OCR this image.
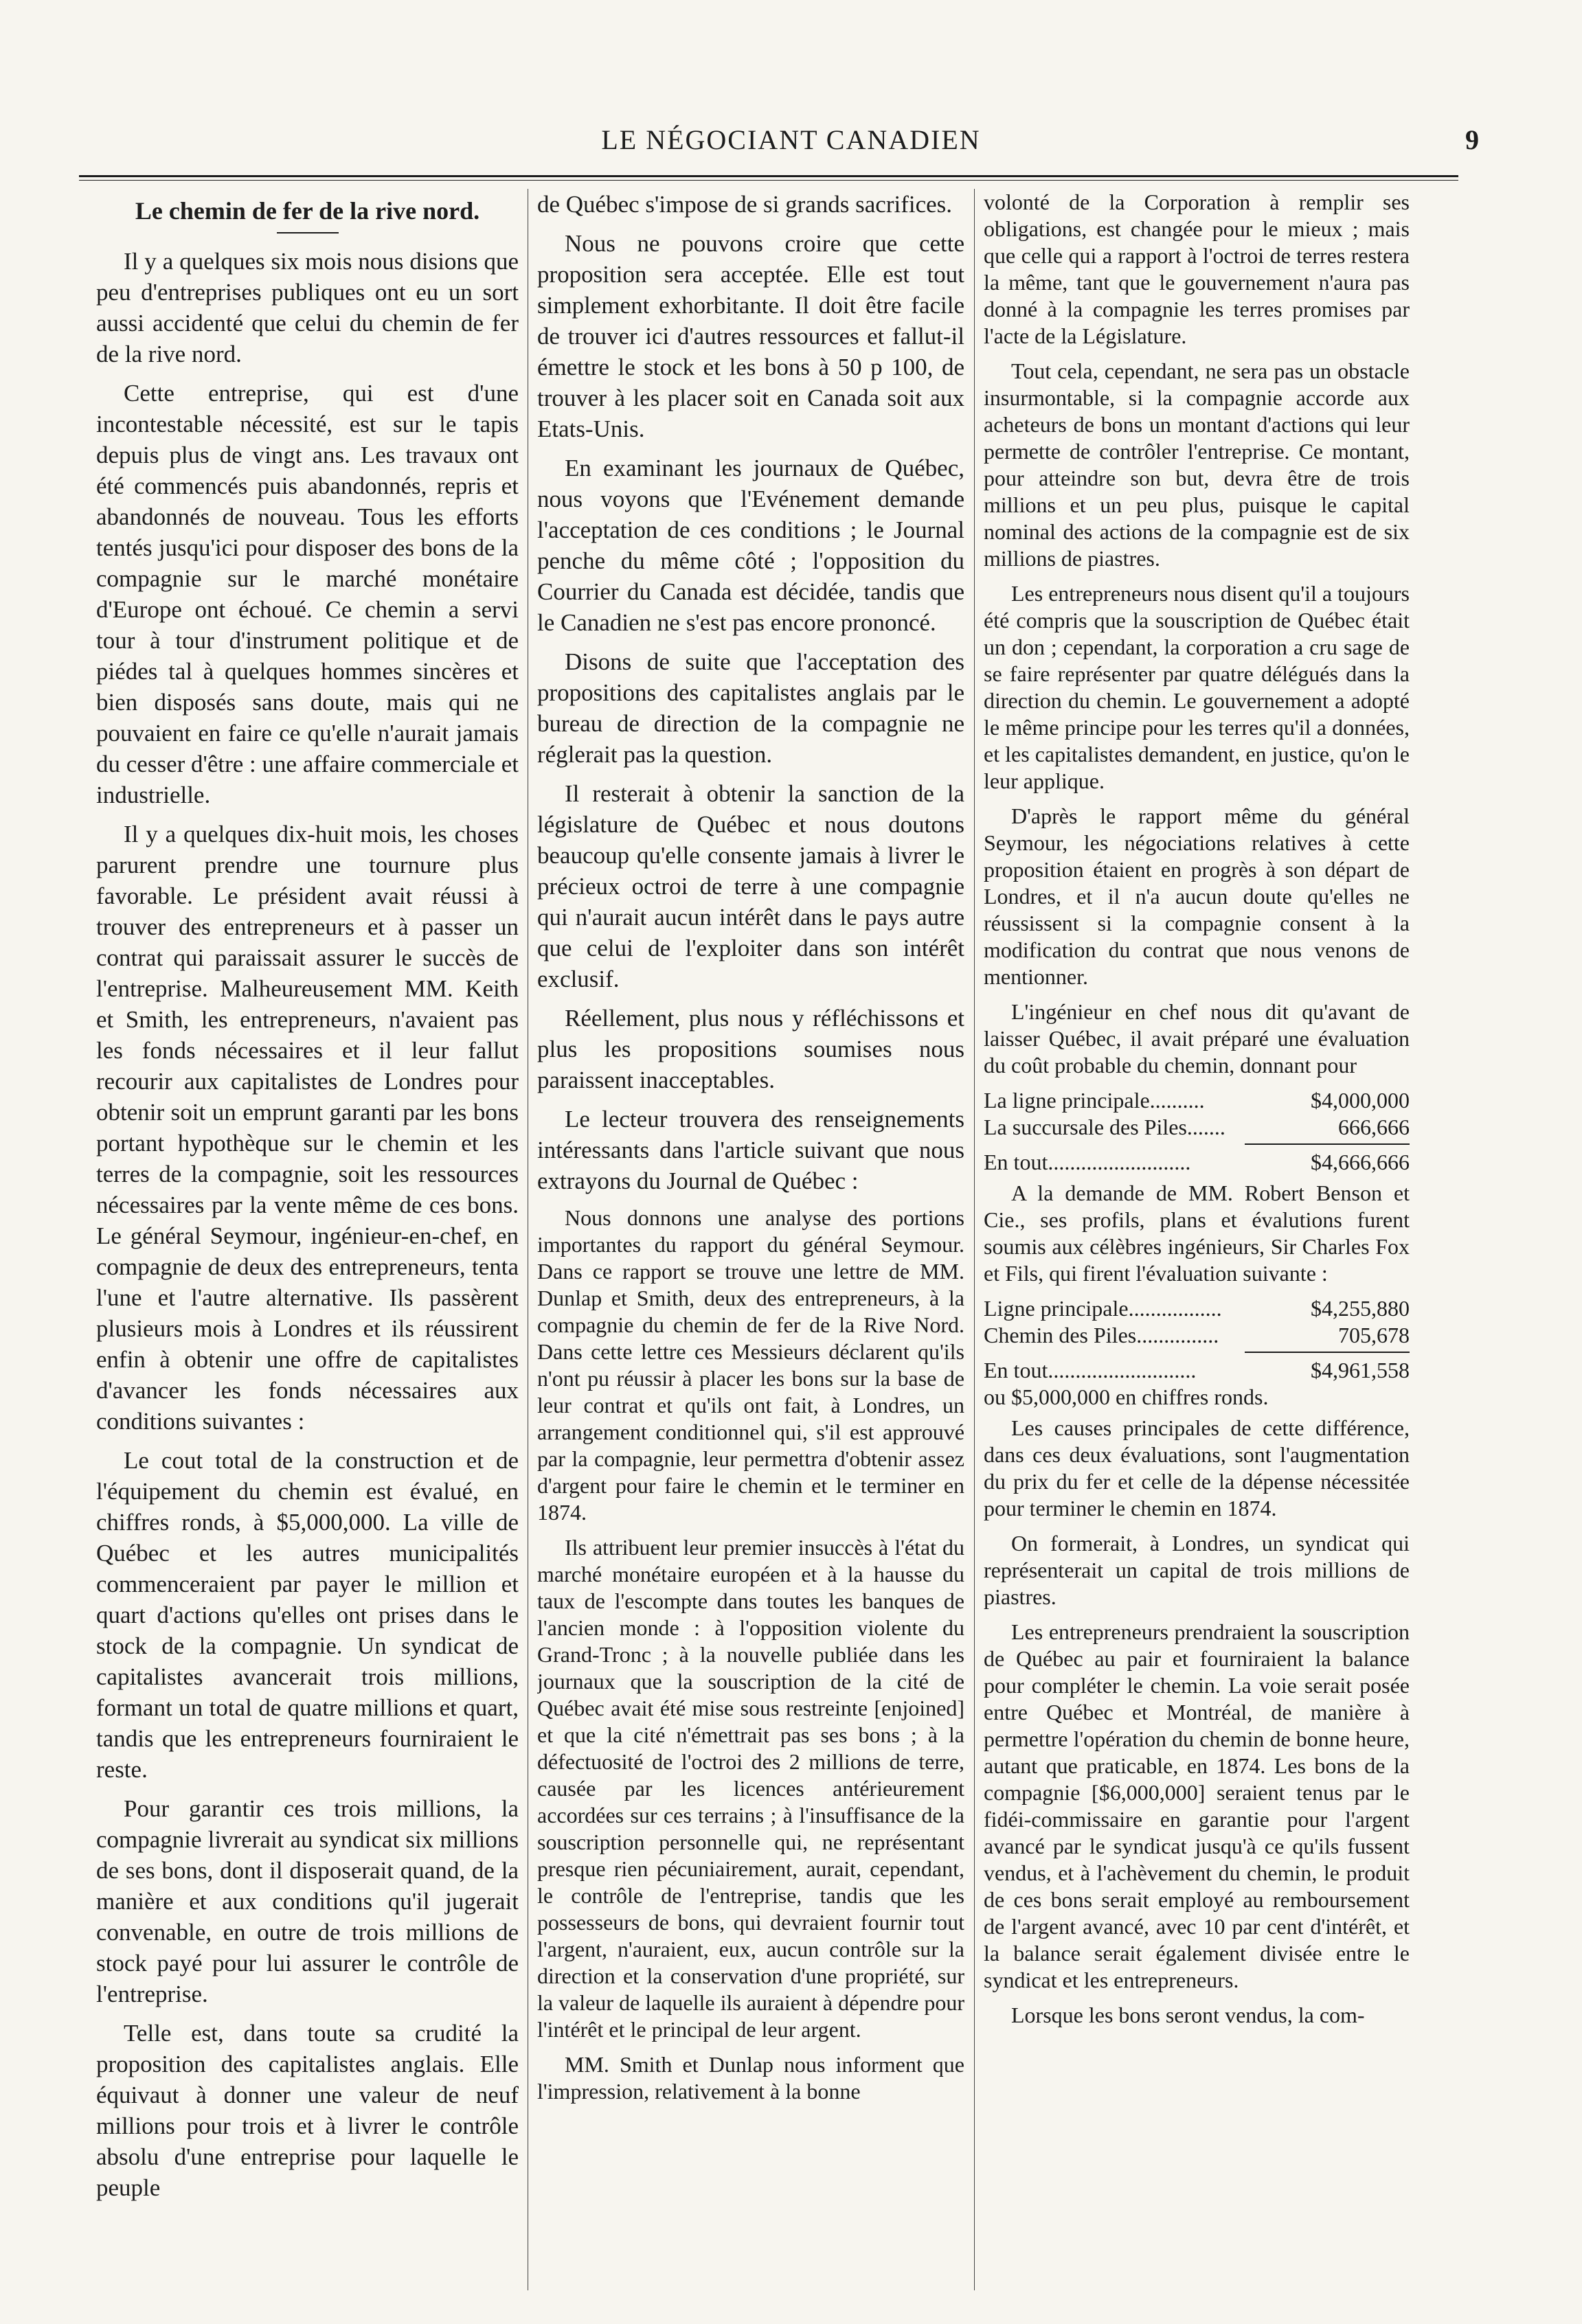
LE NÉGOCIANT CANADIEN	9

Le chemin de fer de la rive nord.

Il y a quelques six mois nous disions que peu d'entreprises publiques ont eu un sort aussi accidenté que celui du chemin de fer de la rive nord.

Cette entreprise, qui est d'une incontestable nécessité, est sur le tapis depuis plus de vingt ans. Les travaux ont été commencés puis abandonnés, repris et abandonnés de nouveau. Tous les efforts tentés jusqu'ici pour disposer des bons de la compagnie sur le marché monétaire d'Europe ont échoué. Ce chemin a servi tour à tour d'instrument politique et de piédes tal à quelques hommes sincères et bien disposés sans doute, mais qui ne pouvaient en faire ce qu'elle n'aurait jamais du cesser d'être : une affaire commerciale et industrielle.

Il y a quelques dix-huit mois, les choses parurent prendre une tournure plus favorable. Le président avait réussi à trouver des entrepreneurs et à passer un contrat qui paraissait assurer le succès de l'entreprise. Malheureusement MM. Keith et Smith, les entrepreneurs, n'avaient pas les fonds nécessaires et il leur fallut recourir aux capitalistes de Londres pour obtenir soit un emprunt garanti par les bons portant hypothèque sur le chemin et les terres de la compagnie, soit les ressources nécessaires par la vente même de ces bons. Le général Seymour, ingénieur-en-chef, en compagnie de deux des entrepreneurs, tenta l'une et l'autre alternative. Ils passèrent plusieurs mois à Londres et ils réussirent enfin à obtenir une offre de capitalistes d'avancer les fonds nécessaires aux conditions suivantes :

Le cout total de la construction et de l'équipement du chemin est évalué, en chiffres ronds, à $5,000,000. La ville de Québec et les autres municipalités commenceraient par payer le million et quart d'actions qu'elles ont prises dans le stock de la compagnie. Un syndicat de capitalistes avancerait trois millions, formant un total de quatre millions et quart, tandis que les entrepreneurs fourniraient le reste.

Pour garantir ces trois millions, la compagnie livrerait au syndicat six millions de ses bons, dont il disposerait quand, de la manière et aux conditions qu'il jugerait convenable, en outre de trois millions de stock payé pour lui assurer le contrôle de l'entreprise.

Telle est, dans toute sa crudité la proposition des capitalistes anglais. Elle équivaut à donner une valeur de neuf millions pour trois et à livrer le contrôle absolu d'une entreprise pour laquelle le peuple

de Québec s'impose de si grands sacrifices.

Nous ne pouvons croire que cette proposition sera acceptée. Elle est tout simplement exhorbitante. Il doit être facile de trouver ici d'autres ressources et fallut-il émettre le stock et les bons à 50 p 100, de trouver à les placer soit en Canada soit aux Etats-Unis.

En examinant les journaux de Québec, nous voyons que l'Evénement demande l'acceptation de ces conditions ; le Journal penche du même côté ; l'opposition du Courrier du Canada est décidée, tandis que le Canadien ne s'est pas encore prononcé.

Disons de suite que l'acceptation des propositions des capitalistes anglais par le bureau de direction de la compagnie ne réglerait pas la question.

Il resterait à obtenir la sanction de la législature de Québec et nous doutons beaucoup qu'elle consente jamais à livrer le précieux octroi de terre à une compagnie qui n'aurait aucun intérêt dans le pays autre que celui de l'exploiter dans son intérêt exclusif.

Réellement, plus nous y réfléchissons et plus les propositions soumises nous paraissent inacceptables.

Le lecteur trouvera des renseignements intéressants dans l'article suivant que nous extrayons du Journal de Québec :

Nous donnons une analyse des portions importantes du rapport du général Seymour. Dans ce rapport se trouve une lettre de MM. Dunlap et Smith, deux des entrepreneurs, à la compagnie du chemin de fer de la Rive Nord. Dans cette lettre ces Messieurs déclarent qu'ils n'ont pu réussir à placer les bons sur la base de leur contrat et qu'ils ont fait, à Londres, un arrangement conditionnel qui, s'il est approuvé par la compagnie, leur permettra d'obtenir assez d'argent pour faire le chemin et le terminer en 1874.

Ils attribuent leur premier insuccès à l'état du marché monétaire européen et à la hausse du taux de l'escompte dans toutes les banques de l'ancien monde : à l'opposition violente du Grand-Tronc ; à la nouvelle publiée dans les journaux que la souscription de la cité de Québec avait été mise sous restreinte [enjoined] et que la cité n'émettrait pas ses bons ; à la défectuosité de l'octroi des 2 millions de terre, causée par les licences antérieurement accordées sur ces terrains ; à l'insuffisance de la souscription personnelle qui, ne représentant presque rien pécuniairement, aurait, cependant, le contrôle de l'entreprise, tandis que les possesseurs de bons, qui devraient fournir tout l'argent, n'auraient, eux, aucun contrôle sur la direction et la conservation d'une propriété, sur la valeur de laquelle ils auraient à dépendre pour l'intérêt et le principal de leur argent.

MM. Smith et Dunlap nous informent que l'impression, relativement à la bonne

volonté de la Corporation à remplir ses obligations, est changée pour le mieux ; mais que celle qui a rapport à l'octroi de terres restera la même, tant que le gouvernement n'aura pas donné à la compagnie les terres promises par l'acte de la Législature.

Tout cela, cependant, ne sera pas un obstacle insurmontable, si la compagnie accorde aux acheteurs de bons un montant d'actions qui leur permette de contrôler l'entreprise. Ce montant, pour atteindre son but, devra être de trois millions et un peu plus, puisque le capital nominal des actions de la compagnie est de six millions de piastres.

Les entrepreneurs nous disent qu'il a toujours été compris que la souscription de Québec était un don ; cependant, la corporation a cru sage de se faire représenter par quatre délégués dans la direction du chemin. Le gouvernement a adopté le même principe pour les terres qu'il a données, et les capitalistes demandent, en justice, qu'on le leur applique.

D'après le rapport même du général Seymour, les négociations relatives à cette proposition étaient en progrès à son départ de Londres, et il n'a aucun doute qu'elles ne réussissent si la compagnie consent à la modification du contrat que nous venons de mentionner.

L'ingénieur en chef nous dit qu'avant de laisser Québec, il avait préparé une évaluation du coût probable du chemin, donnant pour

La ligne principale..........	$4,000,000
La succursale des Piles.......	666,666
En tout..........................	$4,666,666

A la demande de MM. Robert Benson et Cie., ses profils, plans et évalutions furent soumis aux célèbres ingénieurs, Sir Charles Fox et Fils, qui firent l'évaluation suivante :

Ligne principale.................	$4,255,880
Chemin des Piles...............	705,678
En tout...........................	$4,961,558
ou $5,000,000 en chiffres ronds.

Les causes principales de cette différence, dans ces deux évaluations, sont l'augmentation du prix du fer et celle de la dépense nécessitée pour terminer le chemin en 1874.

On formerait, à Londres, un syndicat qui représenterait un capital de trois millions de piastres.

Les entrepreneurs prendraient la souscription de Québec au pair et fourniraient la balance pour compléter le chemin. La voie serait posée entre Québec et Montréal, de manière à permettre l'opération du chemin de bonne heure, autant que praticable, en 1874. Les bons de la compagnie [$6,000,000] seraient tenus par le fidéi-commissaire en garantie pour l'argent avancé par le syndicat jusqu'à ce qu'ils fussent vendus, et à l'achèvement du chemin, le produit de ces bons serait employé au remboursement de l'argent avancé, avec 10 par cent d'intérêt, et la balance serait également divisée entre le syndicat et les entrepreneurs.

Lorsque les bons seront vendus, la com-
